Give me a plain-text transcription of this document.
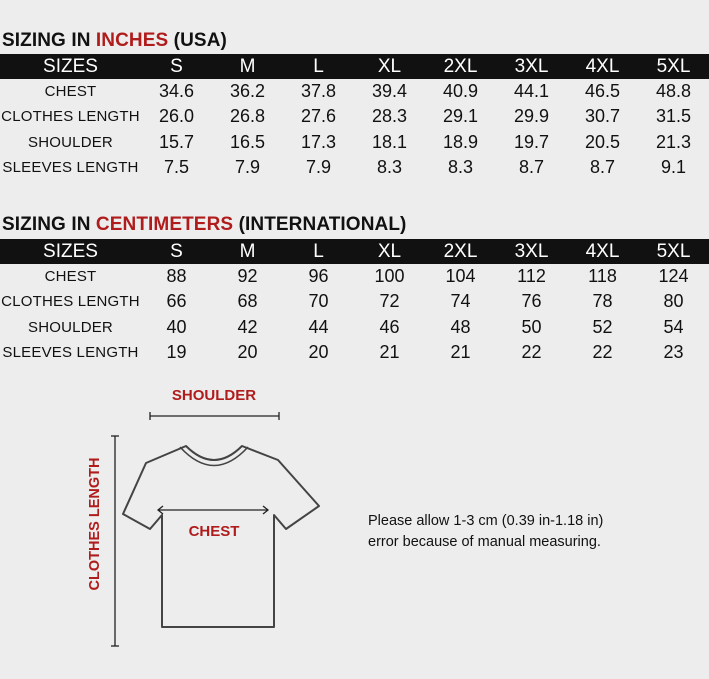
SIZING IN INCHES (USA)
SIZES	S	M	L	XL	2XL	3XL	4XL	5XL
CHEST	34.6	36.2	37.8	39.4	40.9	44.1	46.5	48.8
CLOTHES LENGTH	26.0	26.8	27.6	28.3	29.1	29.9	30.7	31.5
SHOULDER	15.7	16.5	17.3	18.1	18.9	19.7	20.5	21.3
SLEEVES LENGTH	7.5	7.9	7.9	8.3	8.3	8.7	8.7	9.1
SIZING IN CENTIMETERS (INTERNATIONAL)
SIZES	S	M	L	XL	2XL	3XL	4XL	5XL
CHEST	88	92	96	100	104	112	118	124
CLOTHES LENGTH	66	68	70	72	74	76	78	80
SHOULDER	40	42	44	46	48	50	52	54
SLEEVES LENGTH	19	20	20	21	21	22	22	23
SHOULDER
CLOTHES LENGTH	CHEST
Please allow 1-3 cm (0.39 in-1.18 in)
error because of manual measuring.
